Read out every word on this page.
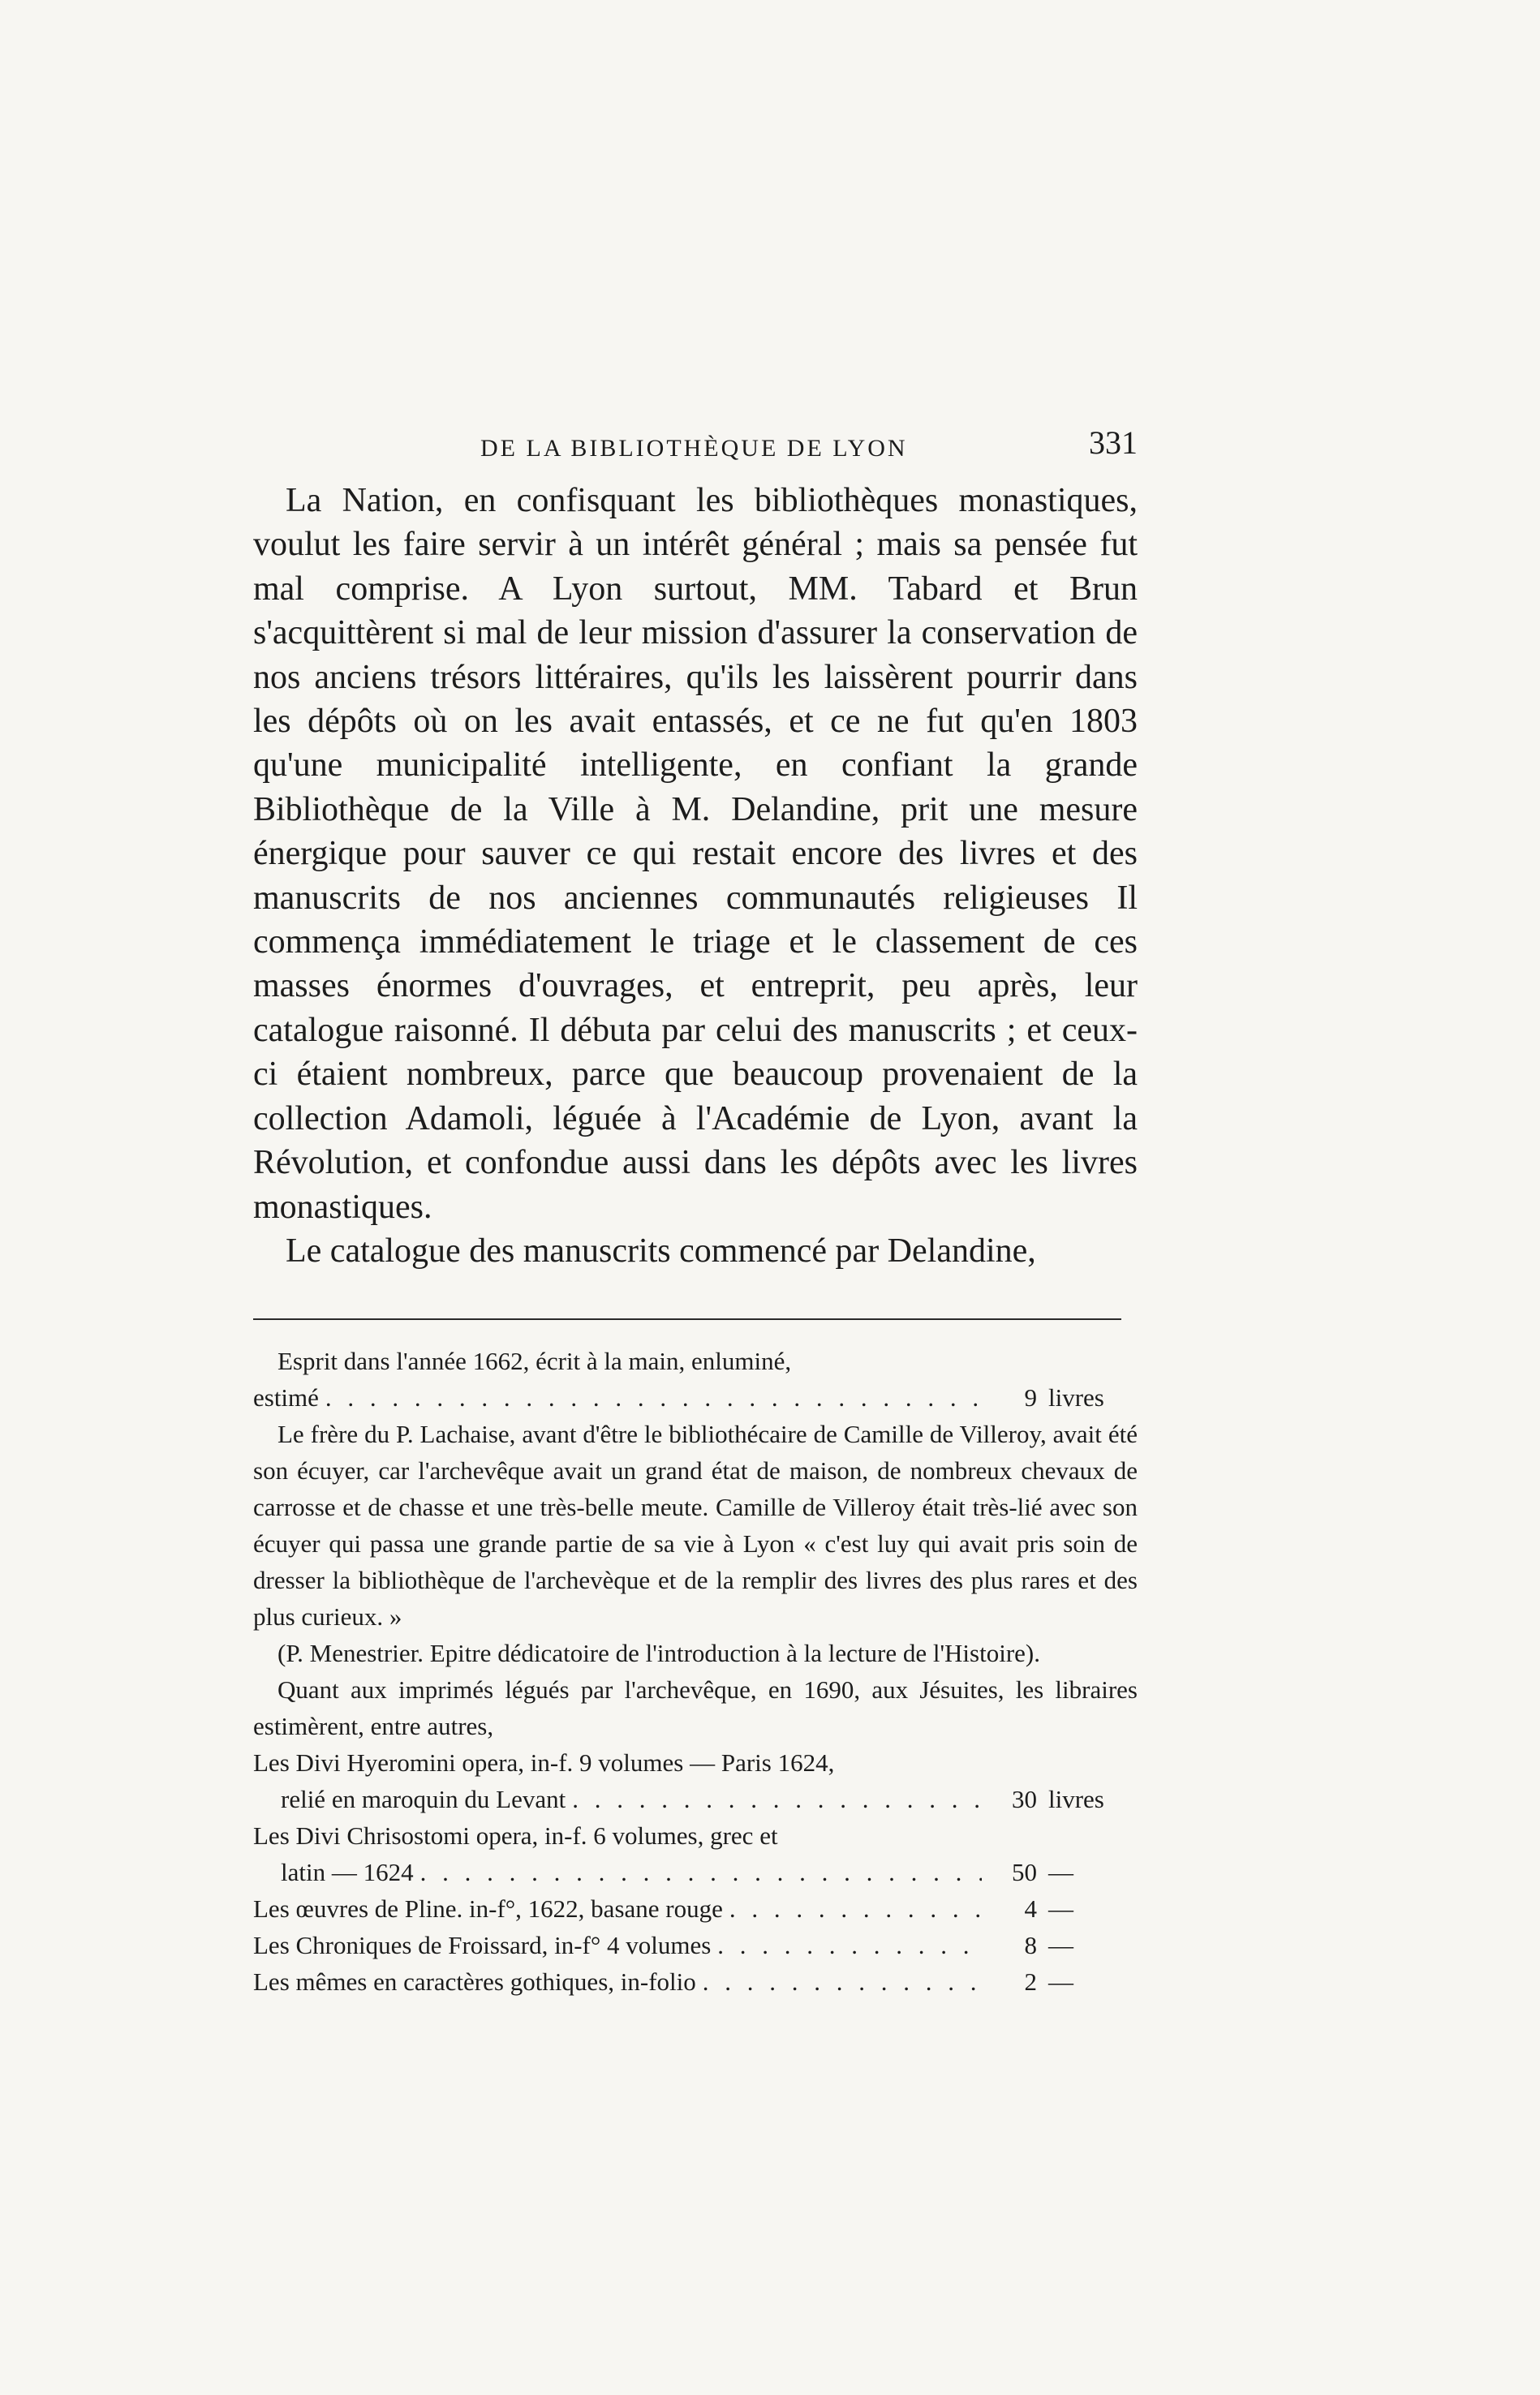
DE LA BIBLIOTHÈQUE DE LYON	331

La Nation, en confisquant les bibliothèques monastiques, voulut les faire servir à un intérêt général ; mais sa pensée fut mal comprise. A Lyon surtout, MM. Tabard et Brun s'acquittèrent si mal de leur mission d'assurer la conservation de nos anciens trésors littéraires, qu'ils les laissèrent pourrir dans les dépôts où on les avait entassés, et ce ne fut qu'en 1803 qu'une municipalité intelligente, en confiant la grande Bibliothèque de la Ville à M. Delandine, prit une mesure énergique pour sauver ce qui restait encore des livres et des manuscrits de nos anciennes communautés religieuses Il commença immédiatement le triage et le classement de ces masses énormes d'ouvrages, et entreprit, peu après, leur catalogue raisonné. Il débuta par celui des manuscrits ; et ceux-ci étaient nombreux, parce que beaucoup provenaient de la collection Adamoli, léguée à l'Académie de Lyon, avant la Révolution, et confondue aussi dans les dépôts avec les livres monastiques.

Le catalogue des manuscrits commencé par Delandine,

Esprit dans l'année 1662, écrit à la main, enluminé,

estimé . . .	9 livres

Le frère du P. Lachaise, avant d'être le bibliothécaire de Camille de Villeroy, avait été son écuyer, car l'archevêque avait un grand état de maison, de nombreux chevaux de carrosse et de chasse et une très-belle meute. Camille de Villeroy était très-lié avec son écuyer qui passa une grande partie de sa vie à Lyon « c'est luy qui avait pris soin de dresser la bibliothèque de l'archevèque et de la remplir des livres des plus rares et des plus curieux. »

(P. Menestrier. Epitre dédicatoire de l'introduction à la lecture de l'Histoire).

Quant aux imprimés légués par l'archevêque, en 1690, aux Jésuites, les libraires estimèrent, entre autres,

Les Divi Hyeromini opera, in-f. 9 volumes — Paris 1624,

relié en maroquin du Levant . . .	30 livres

Les Divi Chrisostomi opera, in-f. 6 volumes, grec et

latin — 1624 . . .	50 —
Les œuvres de Pline. in-f°, 1622, basane rouge . . .	4 —
Les Chroniques de Froissard, in-f° 4 volumes . . .	8 —
Les mêmes en caractères gothiques, in-folio . . .	2 —
